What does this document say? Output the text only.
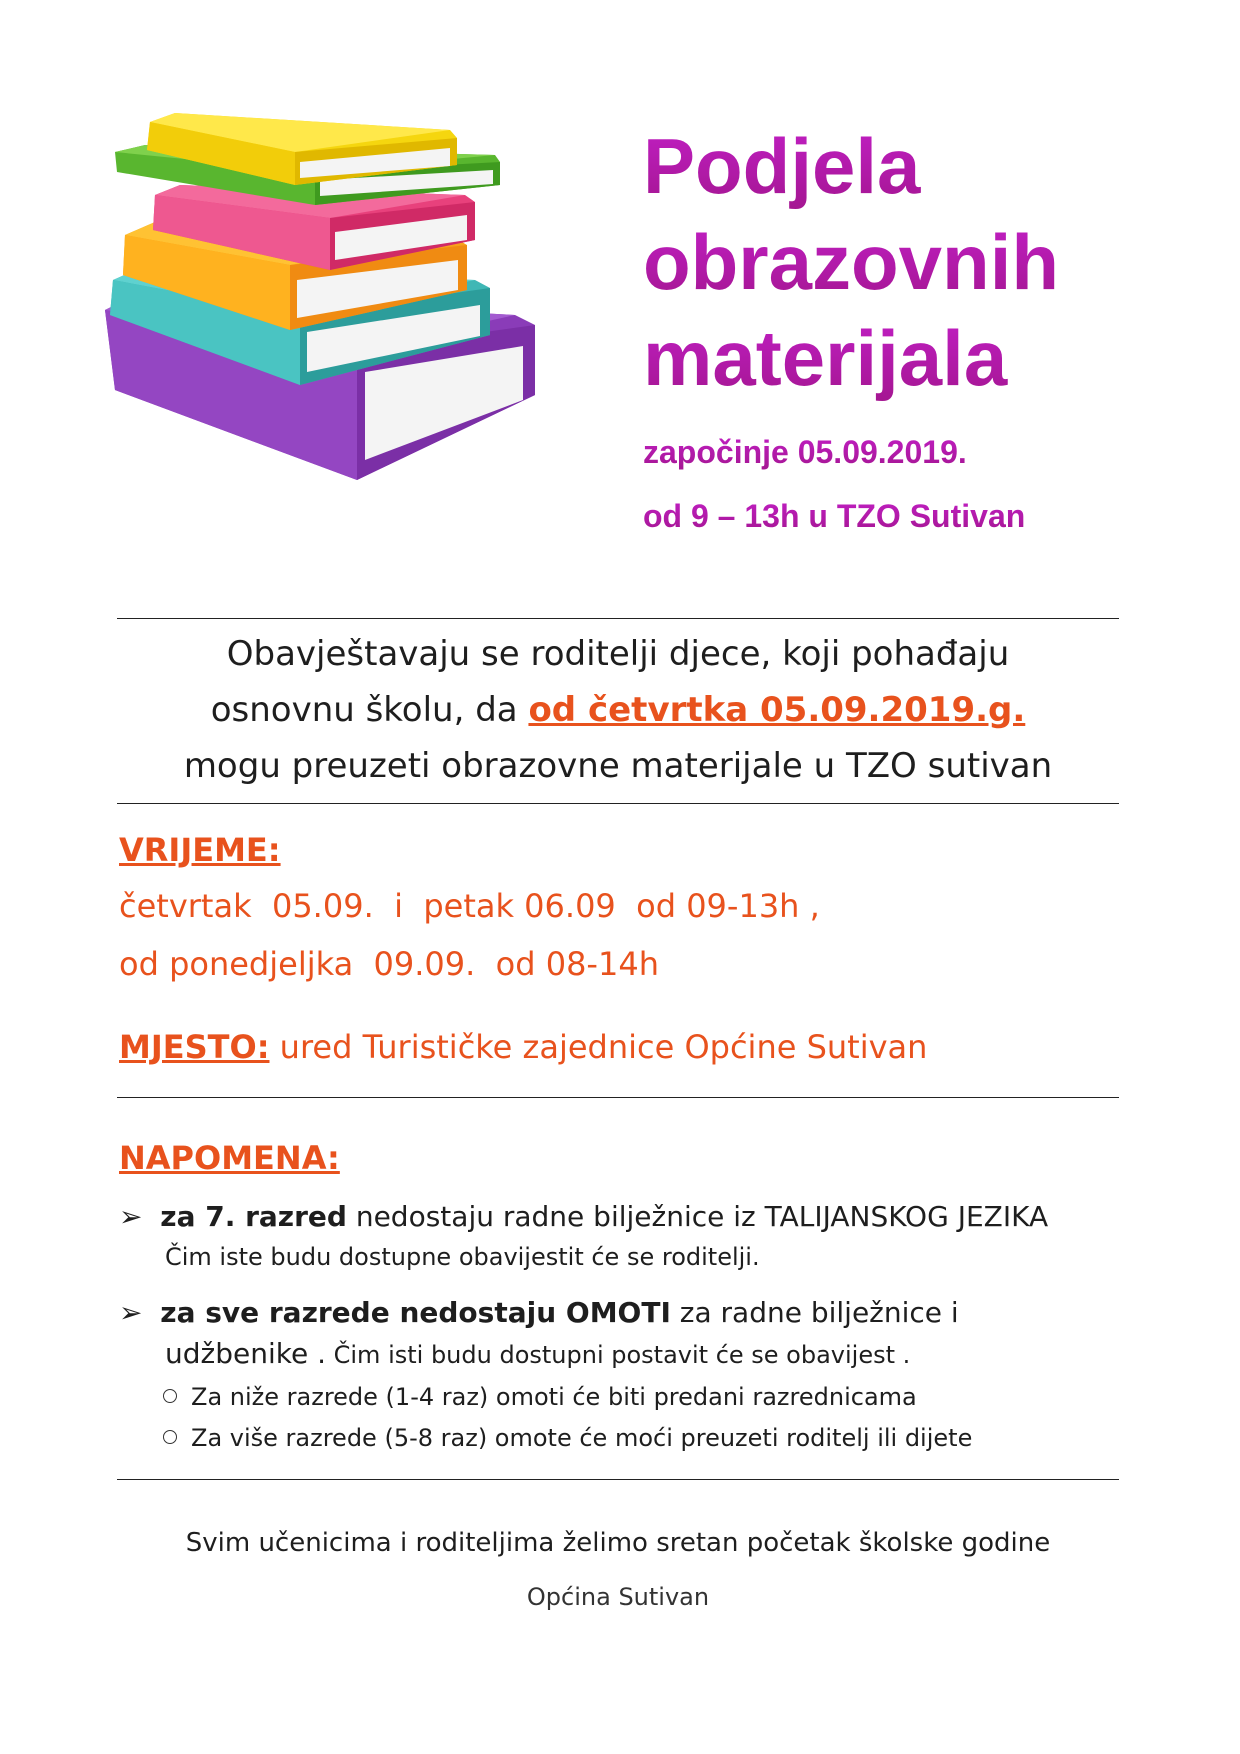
Podjela
obrazovnih
materijala
započinje 05.09.2019.
od 9 – 13h u TZO Sutivan
Obavještavaju se roditelji djece, koji pohađaju
osnovnu školu, da od četvrtka 05.09.2019.g.
mogu preuzeti obrazovne materijale u TZO sutivan
VRIJEME:
četvrtak  05.09.  i  petak 06.09  od 09-13h ,
od ponedjeljka  09.09.  od 08-14h
MJESTO: ured Turističke zajednice Općine Sutivan
NAPOMENA:
➢ za 7. razred nedostaju radne bilježnice iz TALIJANSKOG JEZIKA
Čim iste budu dostupne obavijestit će se roditelji.
➢ za sve razrede nedostaju OMOTI za radne bilježnice i
udžbenike . Čim isti budu dostupni postavit će se obavijest .
Za niže razrede (1-4 raz) omoti će biti predani razrednicama
Za više razrede (5-8 raz) omote će moći preuzeti roditelj ili dijete
Svim učenicima i roditeljima želimo sretan početak školske godine
Općina Sutivan
